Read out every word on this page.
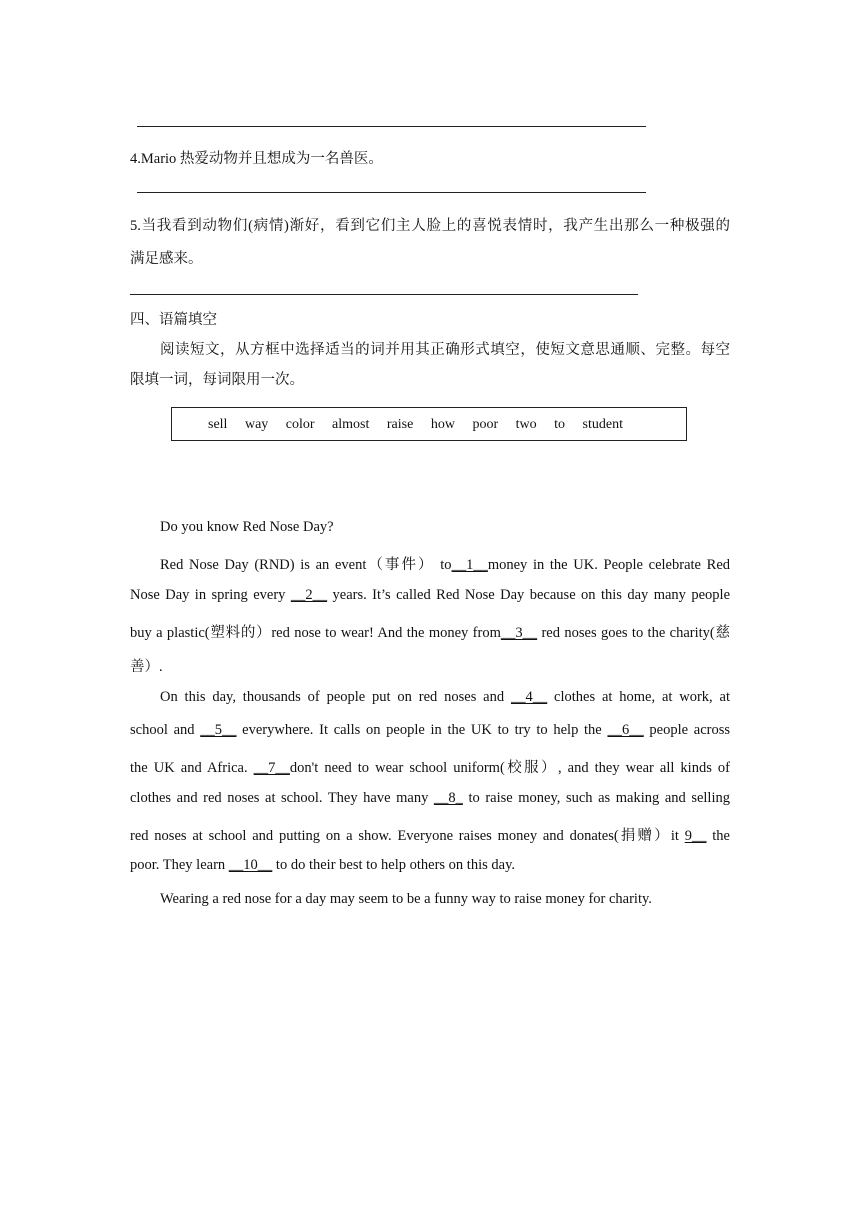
4.Mario 热爱动物并且想成为一名兽医。
5.当我看到动物们(病情)渐好，看到它们主人脸上的喜悦表情时，我产生出那么一种极强的
满足感来。
四、语篇填空
阅读短文，从方框中选择适当的词并用其正确形式填空，使短文意思通顺、完整。每空
限填一词，每词限用一次。
sell way color almost raise how poor two to student
Do you know Red Nose Day?
Red Nose Day (RND) is an event（事件） to__1__money in the UK. People celebrate Red
Nose Day in spring every __2__ years. It’s called Red Nose Day because on this day many people
buy a plastic(塑料的）red nose to wear! And the money from__3__ red noses goes to the charity(慈
善）.
On this day, thousands of people put on red noses and __4__ clothes at home, at work, at
school and __5__ everywhere. It calls on people in the UK to try to help the __6__ people across
the UK and Africa. __7__don't need to wear school uniform(校服）, and they wear all kinds of
clothes and red noses at school. They have many __8_ to raise money, such as making and selling
red noses at school and putting on a show. Everyone raises money and donates(捐赠）it 9__ the
poor. They learn __10__ to do their best to help others on this day.
Wearing a red nose for a day may seem to be a funny way to raise money for charity.
